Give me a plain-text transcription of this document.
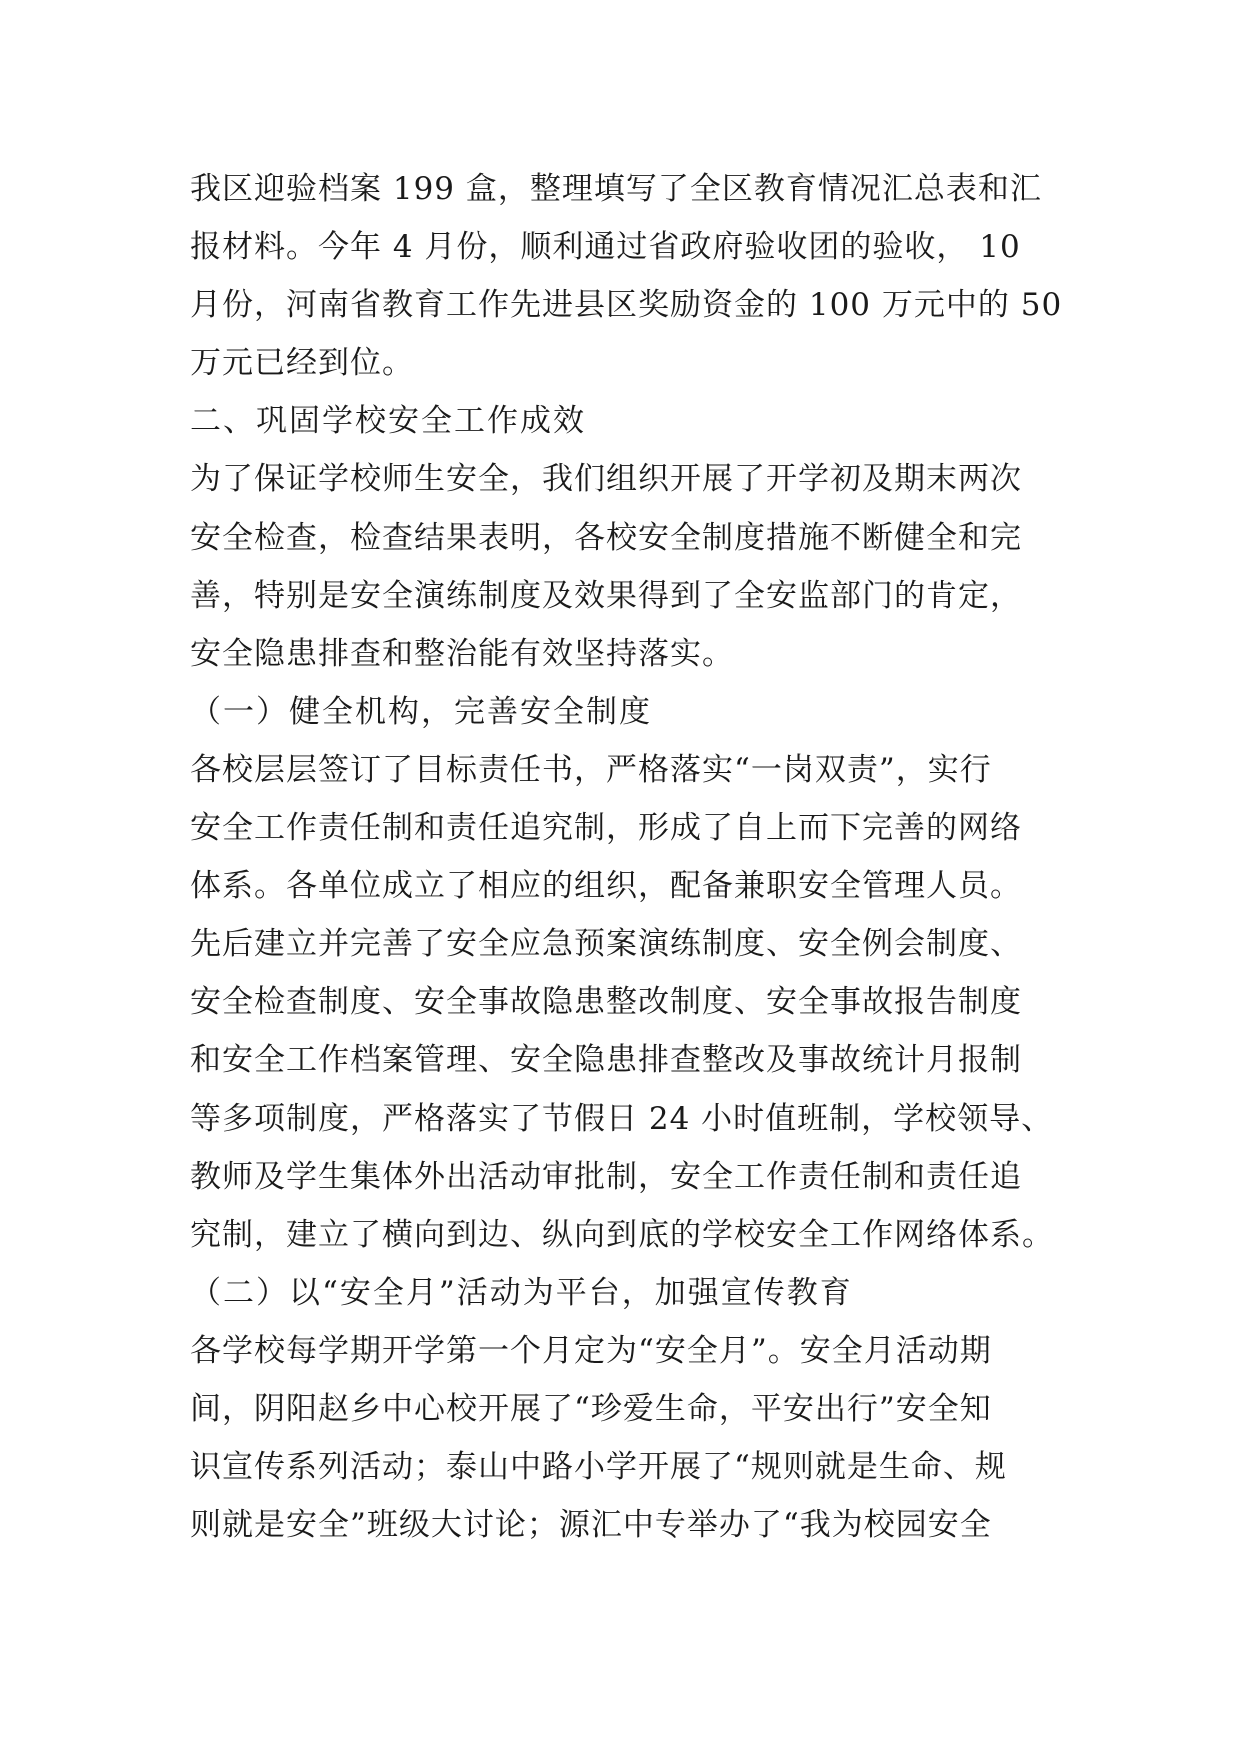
我区迎验档案 199 盒，整理填写了全区教育情况汇总表和汇
报材料。今年 4 月份，顺利通过省政府验收团的验收， 10
月份，河南省教育工作先进县区奖励资金的 100 万元中的 50
万元已经到位。
二、巩固学校安全工作成效
为了保证学校师生安全，我们组织开展了开学初及期末两次
安全检查，检查结果表明，各校安全制度措施不断健全和完
善，特别是安全演练制度及效果得到了全安监部门的肯定，
安全隐患排查和整治能有效坚持落实。
（一）健全机构，完善安全制度
各校层层签订了目标责任书，严格落实“一岗双责”，实行
安全工作责任制和责任追究制，形成了自上而下完善的网络
体系。各单位成立了相应的组织，配备兼职安全管理人员。
先后建立并完善了安全应急预案演练制度、安全例会制度、
安全检查制度、安全事故隐患整改制度、安全事故报告制度
和安全工作档案管理、安全隐患排查整改及事故统计月报制
等多项制度，严格落实了节假日 24 小时值班制，学校领导、
教师及学生集体外出活动审批制，安全工作责任制和责任追
究制，建立了横向到边、纵向到底的学校安全工作网络体系。
（二）以“安全月”活动为平台，加强宣传教育
各学校每学期开学第一个月定为“安全月”。安全月活动期
间，阴阳赵乡中心校开展了“珍爱生命，平安出行”安全知
识宣传系列活动；泰山中路小学开展了“规则就是生命、规
则就是安全”班级大讨论；源汇中专举办了“我为校园安全
